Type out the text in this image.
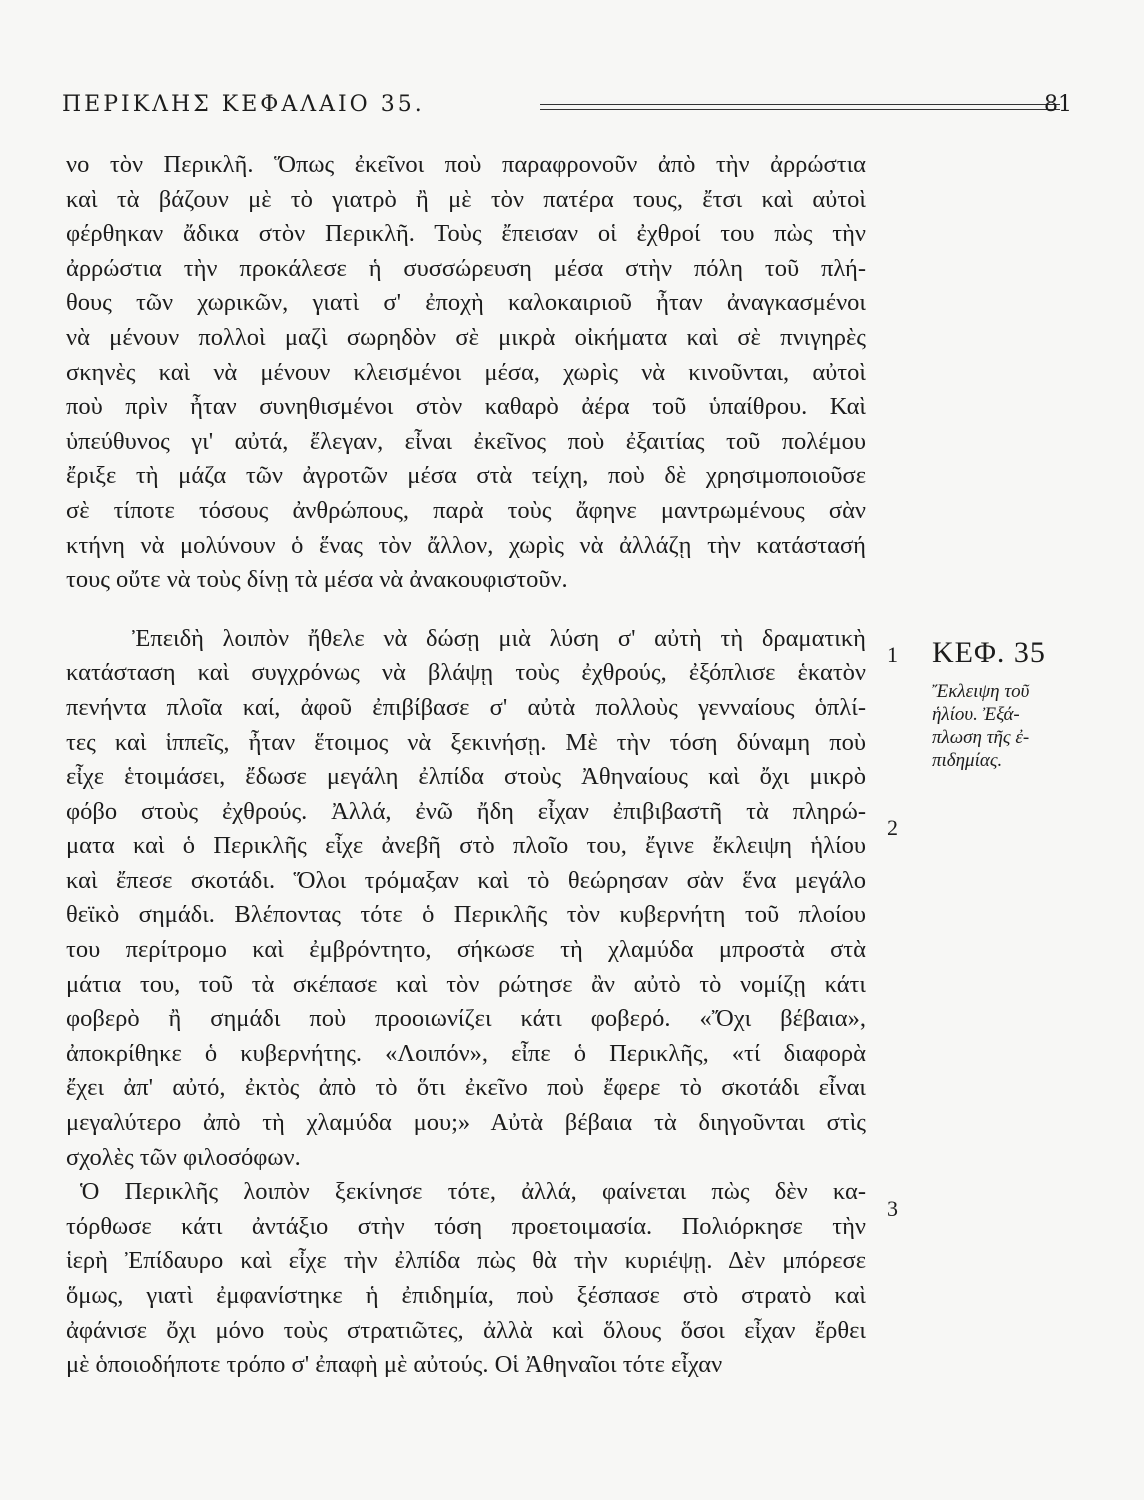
ΠΕΡΙΚΛΗΣ ΚΕΦΑΛΑΙΟ 35.	81
νο τὸν Περικλῆ. Ὅπως ἐκεῖνοι ποὺ παραφρονοῦν ἀπὸ τὴν ἀρρώστια
καὶ τὰ βάζουν μὲ τὸ γιατρὸ ἢ μὲ τὸν πατέρα τους, ἔτσι καὶ αὐτοὶ
φέρθηκαν ἄδικα στὸν Περικλῆ. Τοὺς ἔπεισαν οἱ ἐχθροί του πὼς τὴν
ἀρρώστια τὴν προκάλεσε ἡ συσσώρευση μέσα στὴν πόλη τοῦ πλή-
θους τῶν χωρικῶν, γιατὶ σ' ἐποχὴ καλοκαιριοῦ ἦταν ἀναγκασμένοι
νὰ μένουν πολλοὶ μαζὶ σωρηδὸν σὲ μικρὰ οἰκήματα καὶ σὲ πνιγηρὲς
σκηνὲς καὶ νὰ μένουν κλεισμένοι μέσα, χωρὶς νὰ κινοῦνται, αὐτοὶ
ποὺ πρὶν ἦταν συνηθισμένοι στὸν καθαρὸ ἀέρα τοῦ ὑπαίθρου. Καὶ
ὑπεύθυνος γι' αὐτά, ἔλεγαν, εἶναι ἐκεῖνος ποὺ ἐξαιτίας τοῦ πολέμου
ἔριξε τὴ μάζα τῶν ἀγροτῶν μέσα στὰ τείχη, ποὺ δὲ χρησιμοποιοῦσε
σὲ τίποτε τόσους ἀνθρώπους, παρὰ τοὺς ἄφηνε μαντρωμένους σὰν
κτήνη νὰ μολύνουν ὁ ἕνας τὸν ἄλλον, χωρὶς νὰ ἀλλάζῃ τὴν κατάστασή
τους οὔτε νὰ τοὺς δίνῃ τὰ μέσα νὰ ἀνακουφιστοῦν.
Ἐπειδὴ λοιπὸν ἤθελε νὰ δώσῃ μιὰ λύση σ' αὐτὴ τὴ δραματικὴ
κατάσταση καὶ συγχρόνως νὰ βλάψῃ τοὺς ἐχθρούς, ἐξόπλισε ἑκατὸν
πενήντα πλοῖα καί, ἀφοῦ ἐπιβίβασε σ' αὐτὰ πολλοὺς γενναίους ὁπλί-
τες καὶ ἱππεῖς, ἦταν ἕτοιμος νὰ ξεκινήσῃ. Μὲ τὴν τόση δύναμη ποὺ
εἶχε ἑτοιμάσει, ἔδωσε μεγάλη ἐλπίδα στοὺς Ἀθηναίους καὶ ὄχι μικρὸ
φόβο στοὺς ἐχθρούς. Ἀλλά, ἐνῶ ἤδη εἶχαν ἐπιβιβαστῆ τὰ πληρώ-
ματα καὶ ὁ Περικλῆς εἶχε ἀνεβῆ στὸ πλοῖο του, ἔγινε ἔκλειψη ἡλίου
καὶ ἔπεσε σκοτάδι. Ὅλοι τρόμαξαν καὶ τὸ θεώρησαν σὰν ἕνα μεγάλο
θεϊκὸ σημάδι. Βλέποντας τότε ὁ Περικλῆς τὸν κυβερνήτη τοῦ πλοίου
του περίτρομο καὶ ἐμβρόντητο, σήκωσε τὴ χλαμύδα μπροστὰ στὰ
μάτια του, τοῦ τὰ σκέπασε καὶ τὸν ρώτησε ἂν αὐτὸ τὸ νομίζῃ κάτι
φοβερὸ ἢ σημάδι ποὺ προοιωνίζει κάτι φοβερό. «Ὄχι βέβαια»,
ἀποκρίθηκε ὁ κυβερνήτης. «Λοιπόν», εἶπε ὁ Περικλῆς, «τί διαφορὰ
ἔχει ἀπ' αὐτό, ἐκτὸς ἀπὸ τὸ ὅτι ἐκεῖνο ποὺ ἔφερε τὸ σκοτάδι εἶναι
μεγαλύτερο ἀπὸ τὴ χλαμύδα μου;» Αὐτὰ βέβαια τὰ διηγοῦνται στὶς
σχολὲς τῶν φιλοσόφων.
Ὁ Περικλῆς λοιπὸν ξεκίνησε τότε, ἀλλά, φαίνεται πὼς δὲν κα-
τόρθωσε κάτι ἀντάξιο στὴν τόση προετοιμασία. Πολιόρκησε τὴν
ἱερὴ Ἐπίδαυρο καὶ εἶχε τὴν ἐλπίδα πὼς θὰ τὴν κυριέψῃ. Δὲν μπόρεσε
ὅμως, γιατὶ ἐμφανίστηκε ἡ ἐπιδημία, ποὺ ξέσπασε στὸ στρατὸ καὶ
ἀφάνισε ὄχι μόνο τοὺς στρατιῶτες, ἀλλὰ καὶ ὅλους ὅσοι εἶχαν ἔρθει
μὲ ὁποιοδήποτε τρόπο σ' ἐπαφὴ μὲ αὐτούς. Οἱ Ἀθηναῖοι τότε εἶχαν
1
2
3
ΚΕΦ. 35
Ἔκλειψη τοῦ
ἡλίου. Ἐξά-
πλωση τῆς ἐ-
πιδημίας.
